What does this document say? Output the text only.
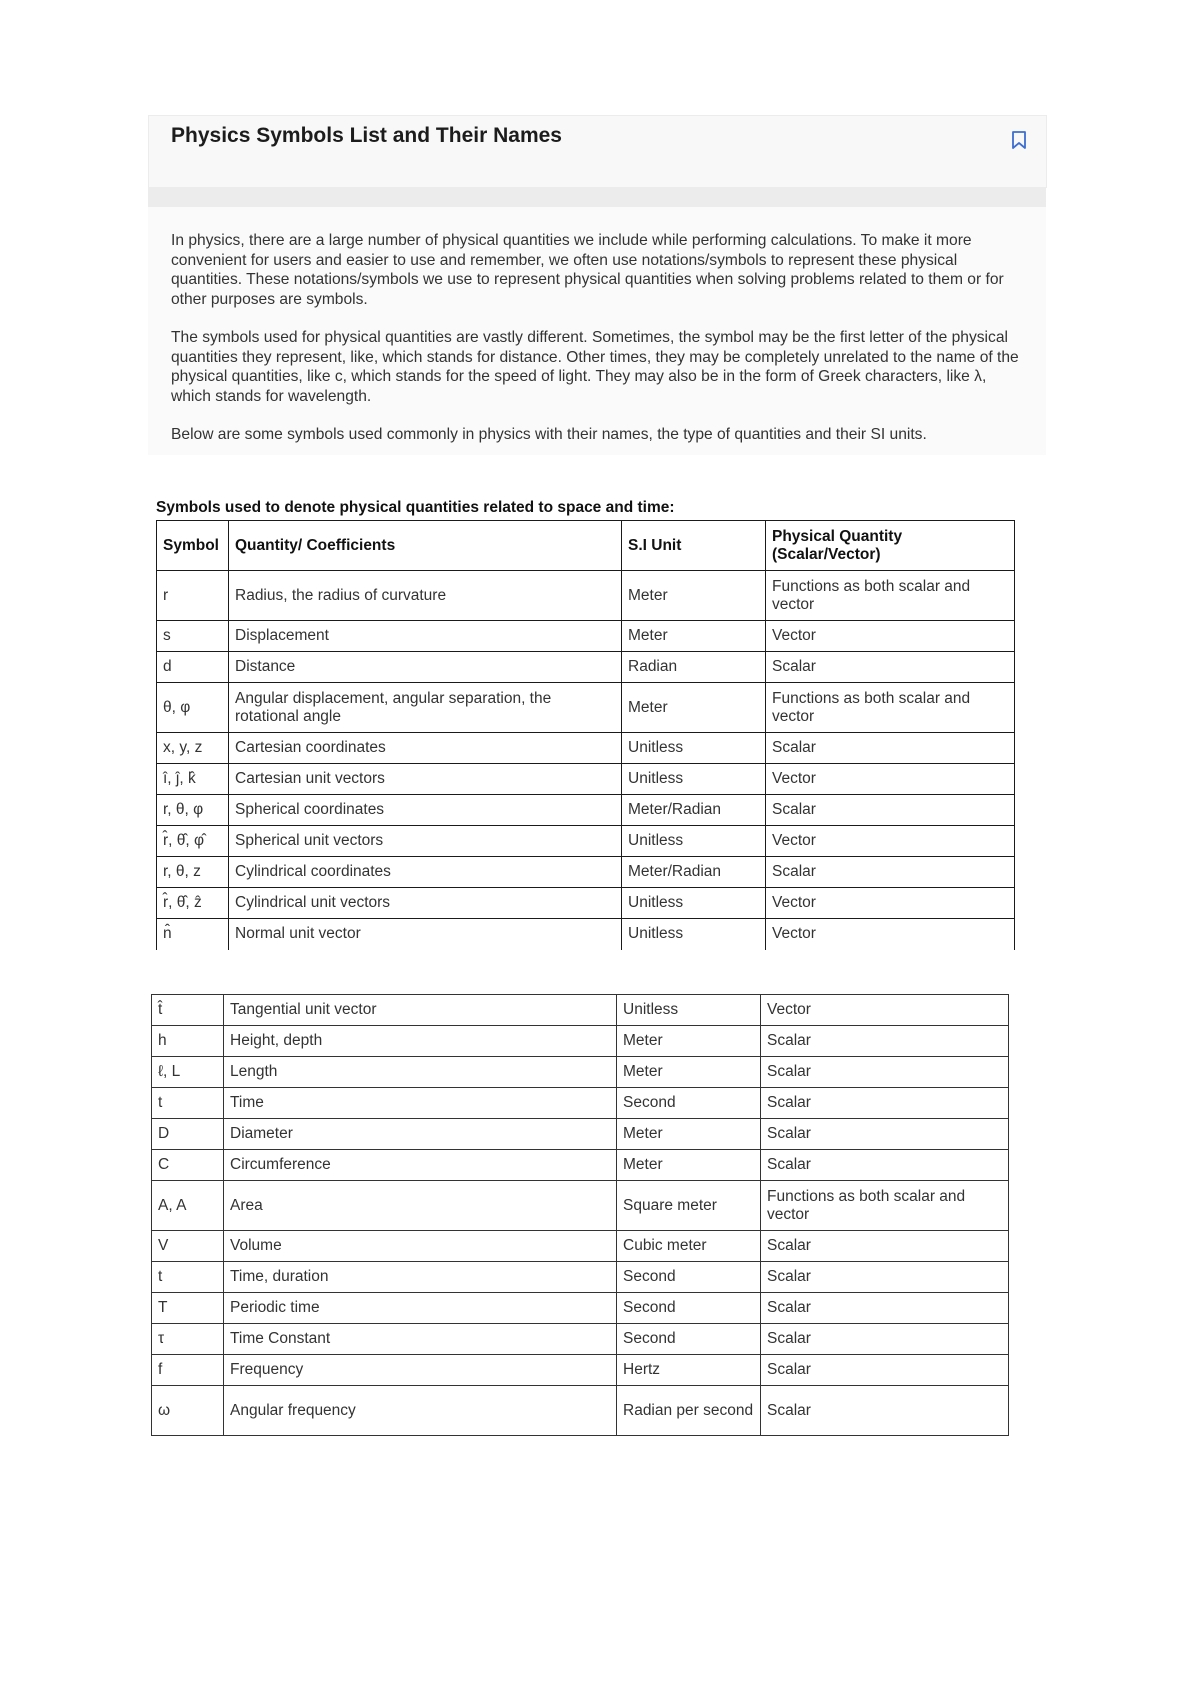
Physics Symbols List and Their Names

In physics, there are a large number of physical quantities we include while performing calculations. To make it more convenient for users and easier to use and remember, we often use notations/symbols to represent these physical quantities. These notations/symbols we use to represent physical quantities when solving problems related to them or for other purposes are symbols.

The symbols used for physical quantities are vastly different. Sometimes, the symbol may be the first letter of the physical quantities they represent, like, which stands for distance. Other times, they may be completely unrelated to the name of the physical quantities, like c, which stands for the speed of light. They may also be in the form of Greek characters, like λ, which stands for wavelength.

Below are some symbols used commonly in physics with their names, the type of quantities and their SI units.

Symbols used to denote physical quantities related to space and time:
Symbol	Quantity/ Coefficients	S.I Unit	Physical Quantity (Scalar/Vector)
r	Radius, the radius of curvature	Meter	Functions as both scalar and vector
s	Displacement	Meter	Vector
d	Distance	Radian	Scalar
θ, φ	Angular displacement, angular separation, the rotational angle	Meter	Functions as both scalar and vector
x, y, z	Cartesian coordinates	Unitless	Scalar
î, ĵ, k̂	Cartesian unit vectors	Unitless	Vector
r, θ, φ	Spherical coordinates	Meter/Radian	Scalar
r̂, θ̂, φ̂	Spherical unit vectors	Unitless	Vector
r, θ, z	Cylindrical coordinates	Meter/Radian	Scalar
r̂, θ̂, ẑ	Cylindrical unit vectors	Unitless	Vector
n̂	Normal unit vector	Unitless	Vector
t̂	Tangential unit vector	Unitless	Vector
h	Height, depth	Meter	Scalar
ℓ, L	Length	Meter	Scalar
t	Time	Second	Scalar
D	Diameter	Meter	Scalar
C	Circumference	Meter	Scalar
A, A	Area	Square meter	Functions as both scalar and vector
V	Volume	Cubic meter	Scalar
t	Time, duration	Second	Scalar
T	Periodic time	Second	Scalar
τ	Time Constant	Second	Scalar
f	Frequency	Hertz	Scalar
ω	Angular frequency	Radian per second	Scalar
